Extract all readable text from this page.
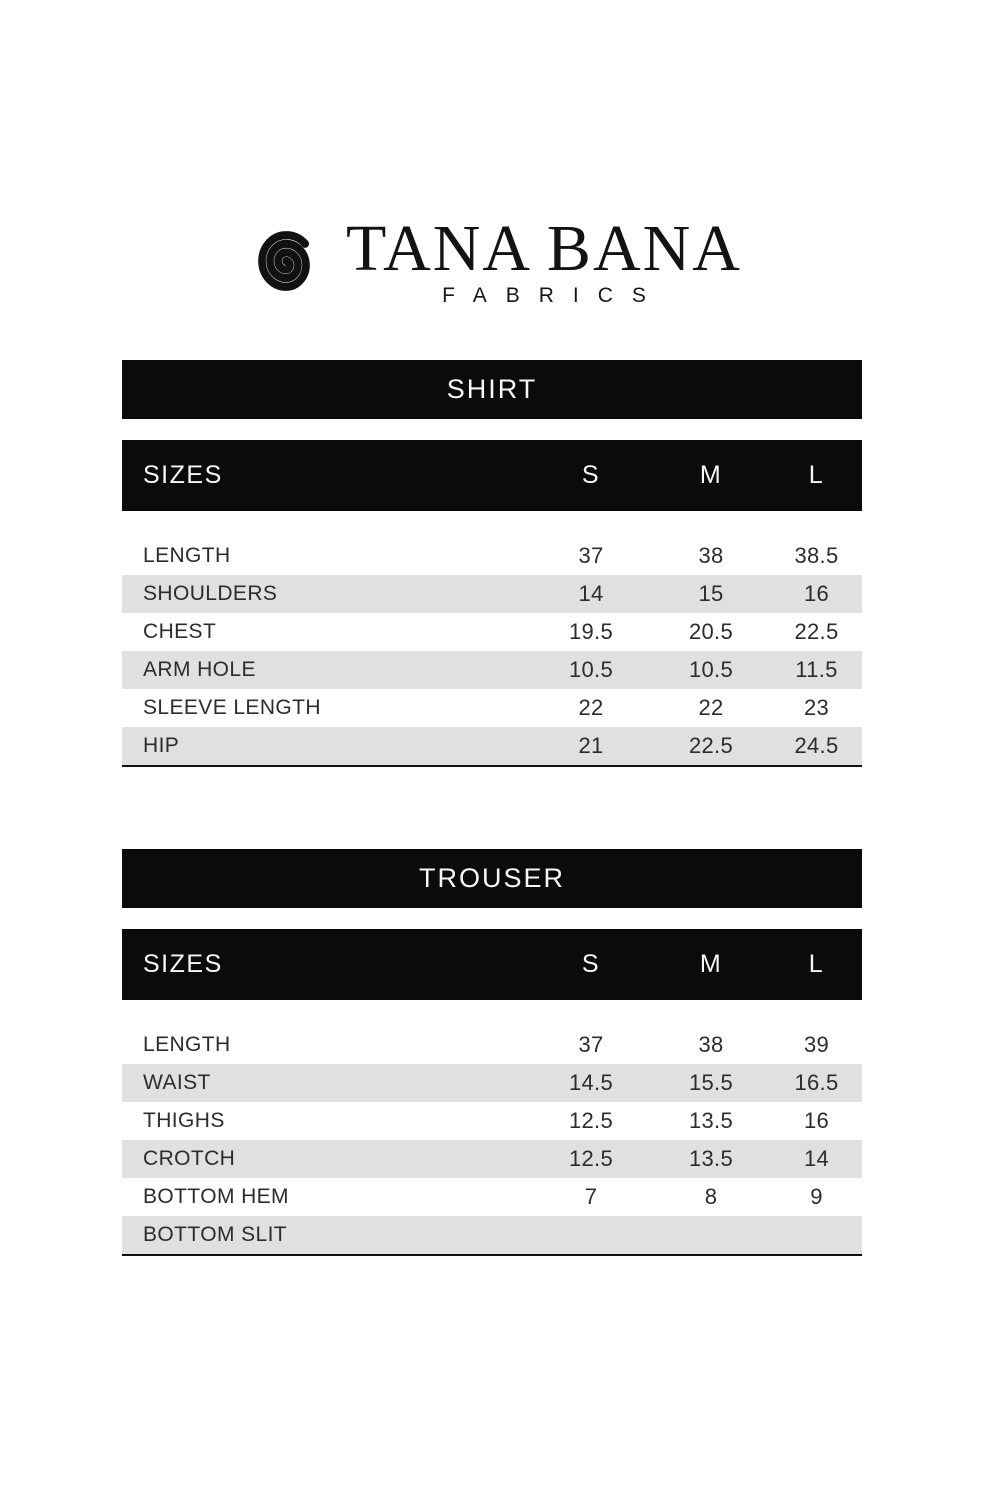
TANA BANA
FABRICS
SHIRT
SIZES	S	M	L
LENGTH	37	38	38.5
SHOULDERS	14	15	16
CHEST	19.5	20.5	22.5
ARM HOLE	10.5	10.5	11.5
SLEEVE LENGTH	22	22	23
HIP	21	22.5	24.5
TROUSER
SIZES	S	M	L
LENGTH	37	38	39
WAIST	14.5	15.5	16.5
THIGHS	12.5	13.5	16
CROTCH	12.5	13.5	14
BOTTOM HEM	7	8	9
BOTTOM SLIT
